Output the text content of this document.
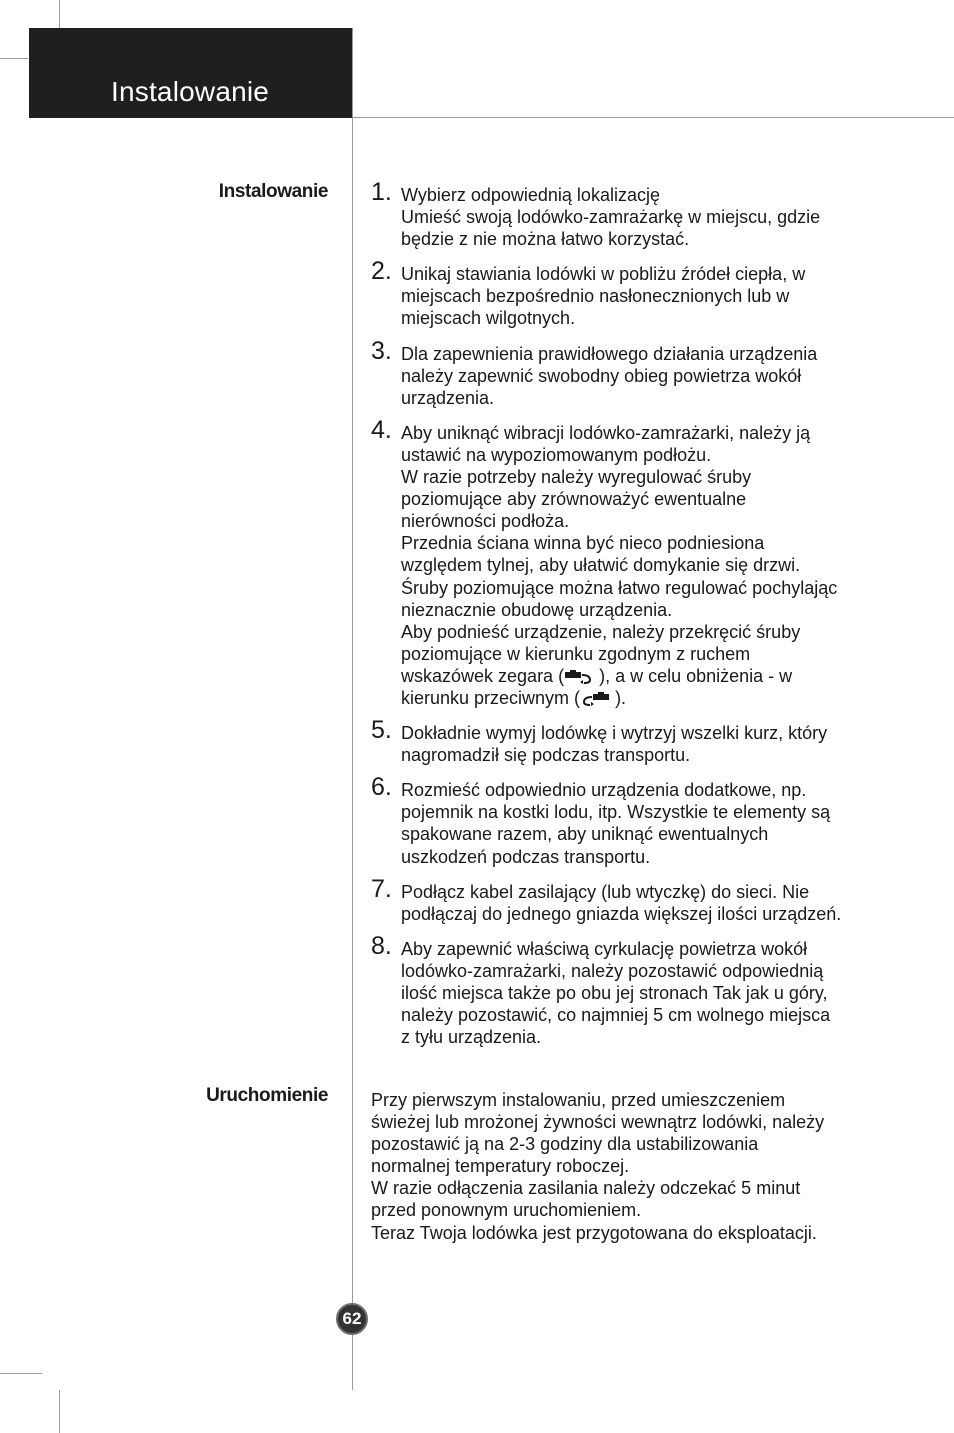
Instalowanie
Instalowanie 1. Wybierz odpowiednią lokalizację
Umieść swoją lodówko-zamrażarkę w miejscu, gdzie
będzie z nie można łatwo korzystać.
2. Unikaj stawiania lodówki w pobliżu źródeł ciepła, w
miejscach bezpośrednio nasłonecznionych lub w
miejscach wilgotnych.
3. Dla zapewnienia prawidłowego działania urządzenia
należy zapewnić swobodny obieg powietrza wokół
urządzenia.
4. Aby uniknąć wibracji lodówko-zamrażarki, należy ją
ustawić na wypoziomowanym podłożu.
W razie potrzeby należy wyregulować śruby
poziomujące aby zrównoważyć ewentualne
nierówności podłoża.
Przednia ściana winna być nieco podniesiona
względem tylnej, aby ułatwić domykanie się drzwi.
Śruby poziomujące można łatwo regulować pochylając
nieznacznie obudowę urządzenia.
Aby podnieść urządzenie, należy przekręcić śruby
poziomujące w kierunku zgodnym z ruchem
wskazówek zegara ( ), a w celu obniżenia - w
kierunku przeciwnym ( ).
5. Dokładnie wymyj lodówkę i wytrzyj wszelki kurz, który
nagromadził się podczas transportu.
6. Rozmieść odpowiednio urządzenia dodatkowe, np.
pojemnik na kostki lodu, itp. Wszystkie te elementy są
spakowane razem, aby uniknąć ewentualnych
uszkodzeń podczas transportu.
7. Podłącz kabel zasilający (lub wtyczkę) do sieci. Nie
podłączaj do jednego gniazda większej ilości urządzeń.
8. Aby zapewnić właściwą cyrkulację powietrza wokół
lodówko-zamrażarki, należy pozostawić odpowiednią
ilość miejsca także po obu jej stronach Tak jak u góry,
należy pozostawić, co najmniej 5 cm wolnego miejsca
z tyłu urządzenia.
Uruchomienie Przy pierwszym instalowaniu, przed umieszczeniem
świeżej lub mrożonej żywności wewnątrz lodówki, należy
pozostawić ją na 2-3 godziny dla ustabilizowania
normalnej temperatury roboczej.
W razie odłączenia zasilania należy odczekać 5 minut
przed ponownym uruchomieniem.
Teraz Twoja lodówka jest przygotowana do eksploatacji.

62
